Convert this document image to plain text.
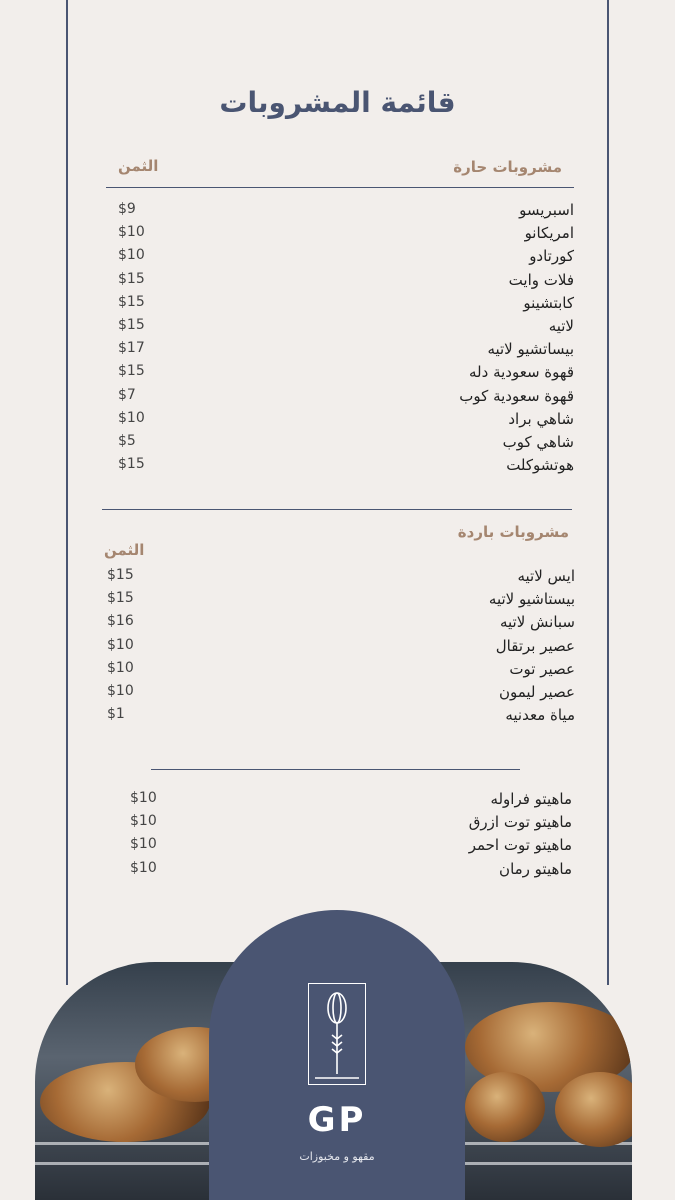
قائمة المشروبات
مشروبات حارة
الثمن
$9	اسبريسو
$10	امريكانو
$10	كورتادو
$15	فلات وايت
$15	كابتشينو
$15	لاتيه
$17	بيساتشيو لاتيه
$15	قهوة سعودية دله
$7	قهوة سعودية كوب
$10	شاهي براد
$5	شاهي كوب
$15	هوتشوكلت
مشروبات باردة
الثمن
$15	ايس لاتيه
$15	بيستاشيو لاتيه
$16	سبانش لاتيه
$10	عصير برتقال
$10	عصير توت
$10	عصير ليمون
$1	مياة معدنيه
$10	ماهيتو فراوله
$10	ماهيتو توت ازرق
$10	ماهيتو توت احمر
$10	ماهيتو رمان
GP
مقهو و مخبوزات
